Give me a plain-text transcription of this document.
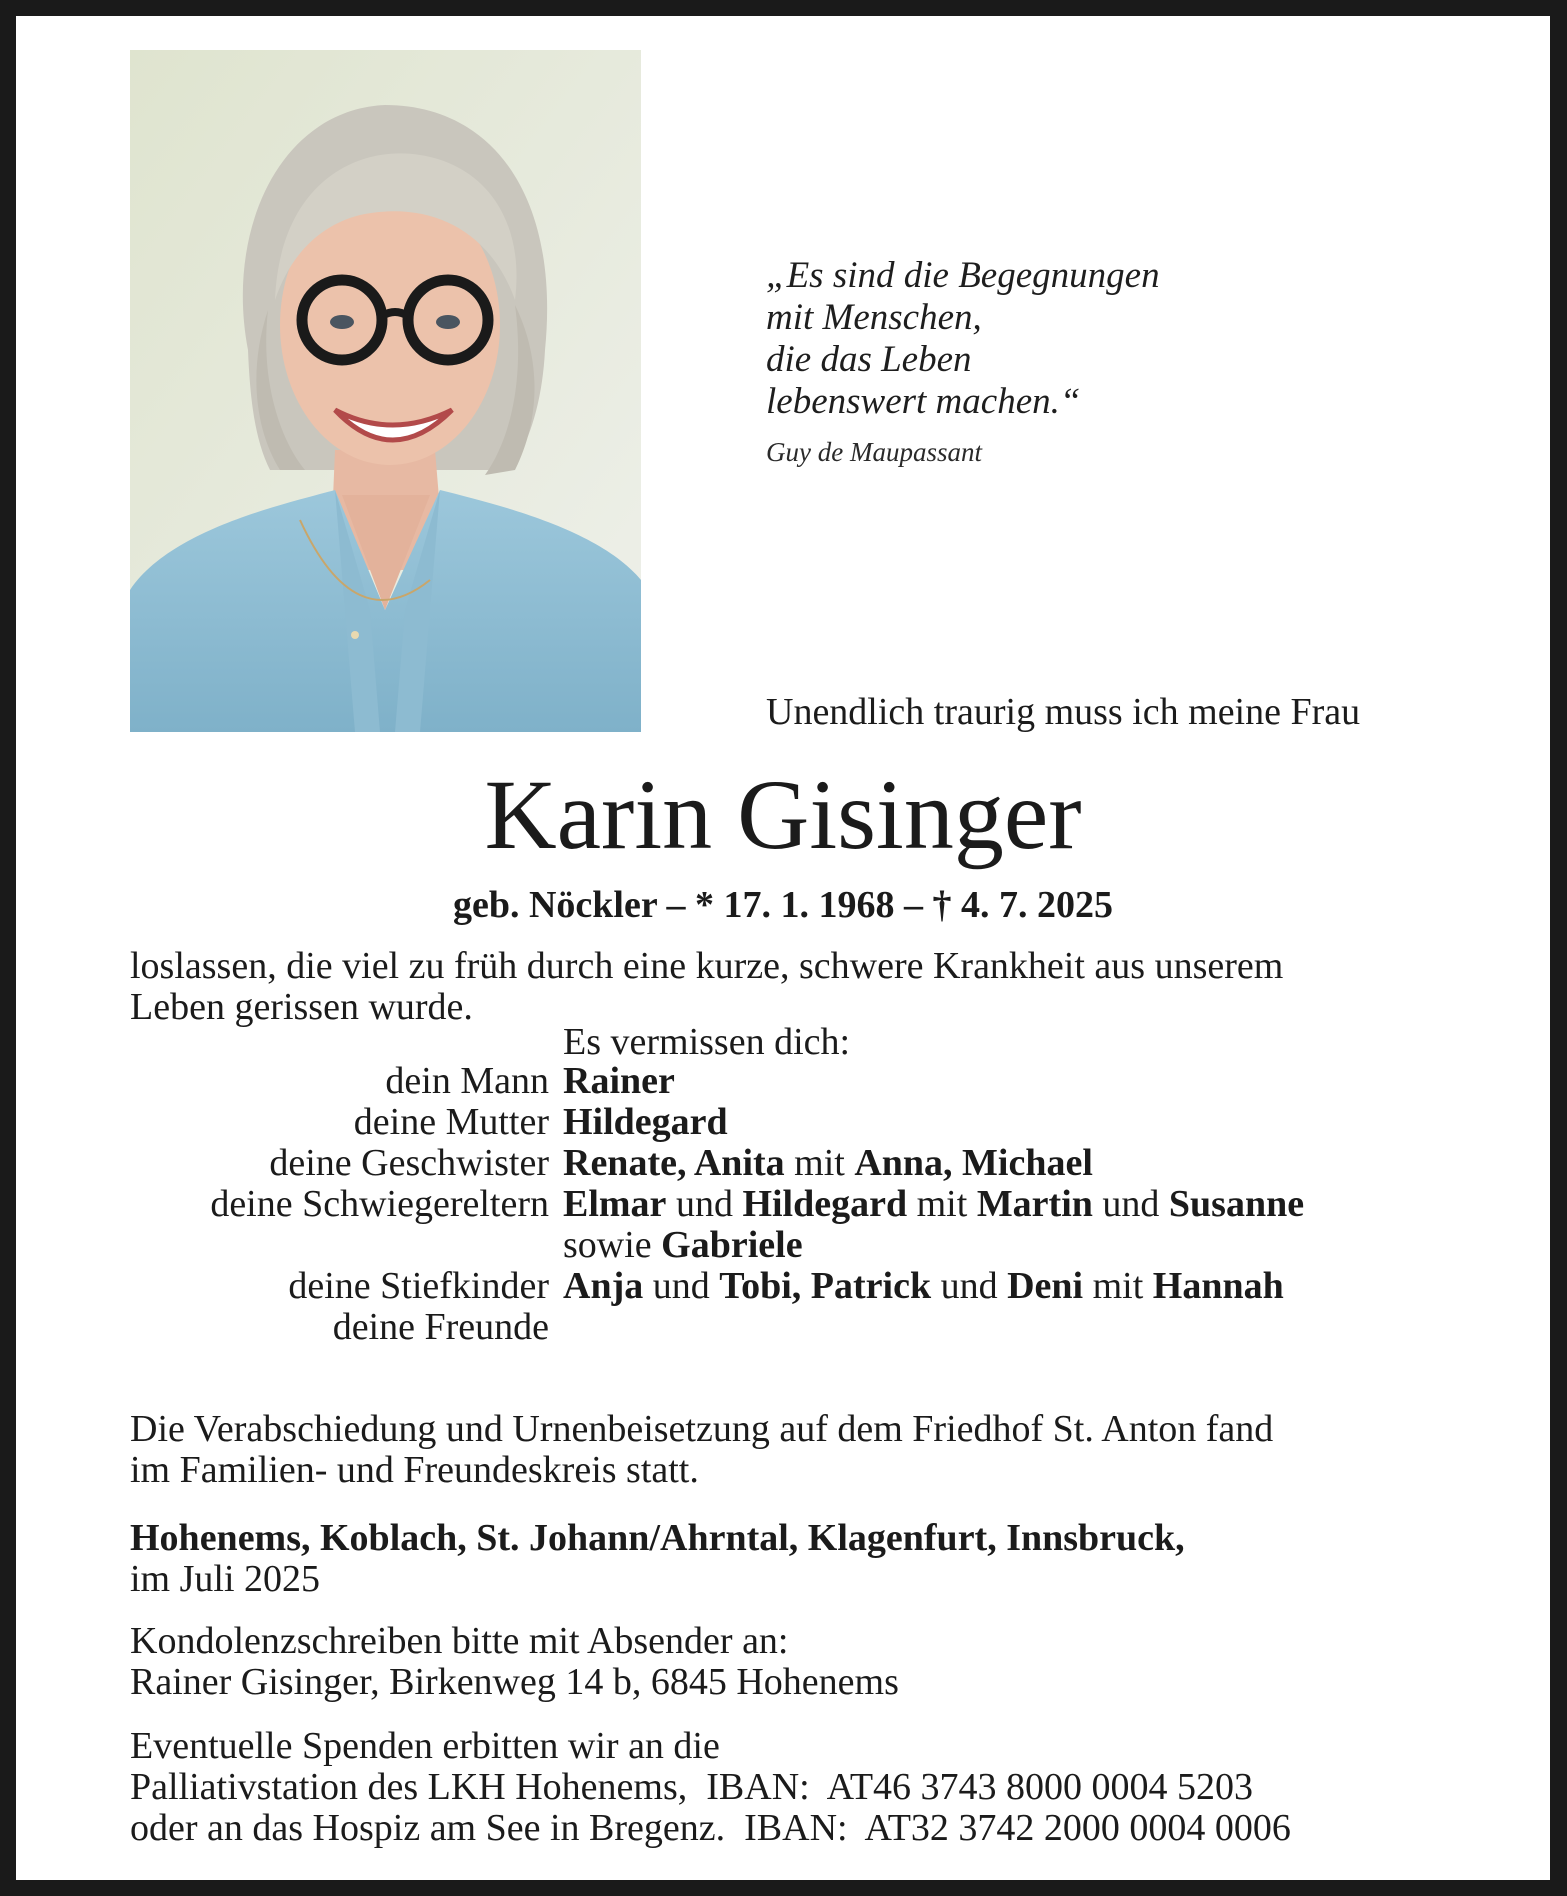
„Es sind die Begegnungen
mit Menschen,
die das Leben
lebenswert machen.“
Guy de Maupassant
Unendlich traurig muss ich meine Frau
Karin Gisinger
geb. Nöckler – * 17. 1. 1968 – † 4. 7. 2025
loslassen, die viel zu früh durch eine kurze, schwere Krankheit aus unserem
Leben gerissen wurde.
Es vermissen dich:
dein Mann Rainer
deine Mutter Hildegard
deine Geschwister Renate, Anita mit Anna, Michael
deine Schwiegereltern Elmar und Hildegard mit Martin und Susanne
sowie Gabriele
deine Stiefkinder Anja und Tobi, Patrick und Deni mit Hannah
deine Freunde
Die Verabschiedung und Urnenbeisetzung auf dem Friedhof St. Anton fand
im Familien- und Freundeskreis statt.
Hohenems, Koblach, St. Johann/Ahrntal, Klagenfurt, Innsbruck,
im Juli 2025
Kondolenzschreiben bitte mit Absender an:
Rainer Gisinger, Birkenweg 14 b, 6845 Hohenems
Eventuelle Spenden erbitten wir an die
Palliativstation des LKH Hohenems,  IBAN:  AT46 3743 8000 0004 5203
oder an das Hospiz am See in Bregenz.  IBAN:  AT32 3742 2000 0004 0006
